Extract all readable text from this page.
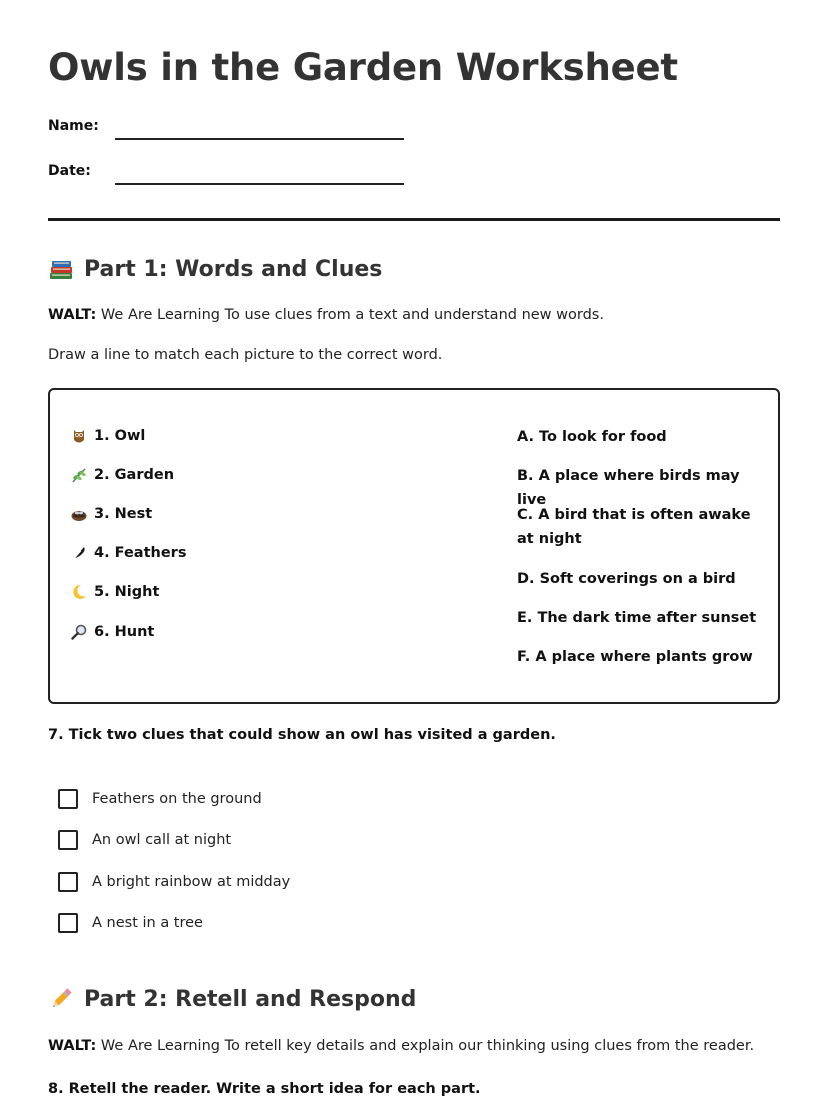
Owls in the Garden Worksheet
Name:
Date:
Part 1: Words and Clues

WALT: We Are Learning To use clues from a text and understand new words.

Draw a line to match each picture to the correct word.

1. Owl
2. Garden
3. Nest
4. Feathers
5. Night
6. Hunt
A. To look for food
B. A place where birds may live
C. A bird that is often awake at night
D. Soft coverings on a bird
E. The dark time after sunset
F. A place where plants grow
7. Tick two clues that could show an owl has visited a garden.
Feathers on the ground
An owl call at night
A bright rainbow at midday
A nest in a tree
Part 2: Retell and Respond

WALT: We Are Learning To retell key details and explain our thinking using clues from the reader.

8. Retell the reader. Write a short idea for each part.
